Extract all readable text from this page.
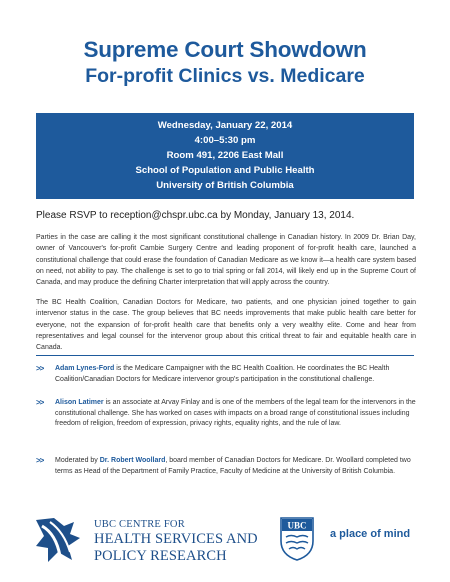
Supreme Court Showdown
For-profit Clinics vs. Medicare
Wednesday, January 22, 2014
4:00–5:30 pm
Room 491, 2206 East Mall
School of Population and Public Health
University of British Columbia
Please RSVP to reception@chspr.ubc.ca by Monday, January 13, 2014.

Parties in the case are calling it the most significant constitutional challenge in Canadian history. In 2009 Dr. Brian Day, owner of Vancouver's for-profit Cambie Surgery Centre and leading proponent of for-profit health care, launched a constitutional challenge that could erase the foundation of Canadian Medicare as we know it—a health care system based on need, not ability to pay. The challenge is set to go to trial spring or fall 2014, will likely end up in the Supreme Court of Canada, and may produce the defining Charter interpretation that will apply across the country.

The BC Health Coalition, Canadian Doctors for Medicare, two patients, and one physician joined together to gain intervenor status in the case. The group believes that BC needs improvements that make public health care better for everyone, not the expansion of for-profit health care that benefits only a very wealthy elite. Come and hear from representatives and legal counsel for the intervenor group about this critical threat to fair and equitable health care in Canada.

>> Adam Lynes-Ford is the Medicare Campaigner with the BC Health Coalition. He coordinates the BC Health Coalition/Canadian Doctors for Medicare intervenor group's participation in the constitutional challenge.

>> Alison Latimer is an associate at Arvay Finlay and is one of the members of the legal team for the intervenors in the constitutional challenge. She has worked on cases with impacts on a broad range of constitutional issues including freedom of religion, freedom of expression, privacy rights, equality rights, and the rule of law.

>> Moderated by Dr. Robert Woollard, board member of Canadian Doctors for Medicare. Dr. Woollard completed two terms as Head of the Department of Family Practice, Faculty of Medicine at the University of British Columbia.

UBC CENTRE FOR
HEALTH SERVICES AND
POLICY RESEARCH
UBC
a place of mind
